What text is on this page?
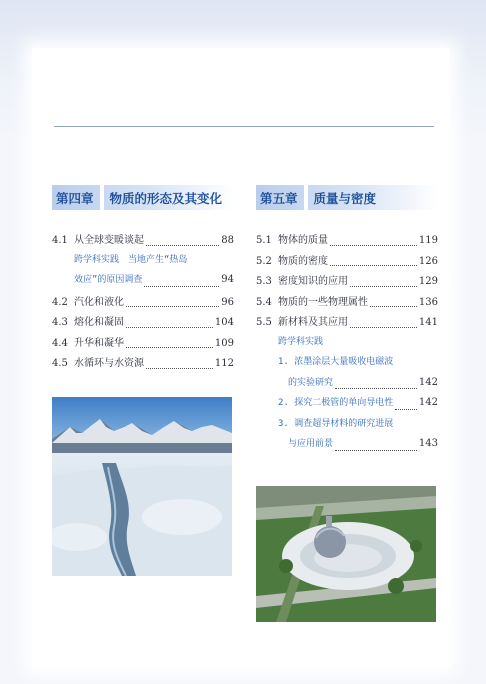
第四章	物质的形态及其变化
4.1 从全球变暖谈起	88
跨学科实践　当地产生“热岛
效应”的原因调查	94
4.2 汽化和液化	96
4.3 熔化和凝固	104
4.4 升华和凝华	109
4.5 水循环与水资源	112
第五章	质量与密度
5.1 物体的质量	119
5.2 物质的密度	126
5.3 密度知识的应用	129
5.4 物质的一些物理属性	136
5.5 新材料及其应用	141
跨学科实践
1. 浓墨涂层大量吸收电磁波
的实验研究	142
2. 探究二极管的单向导电性	142
3. 调查超导材料的研究进展
与应用前景	143
